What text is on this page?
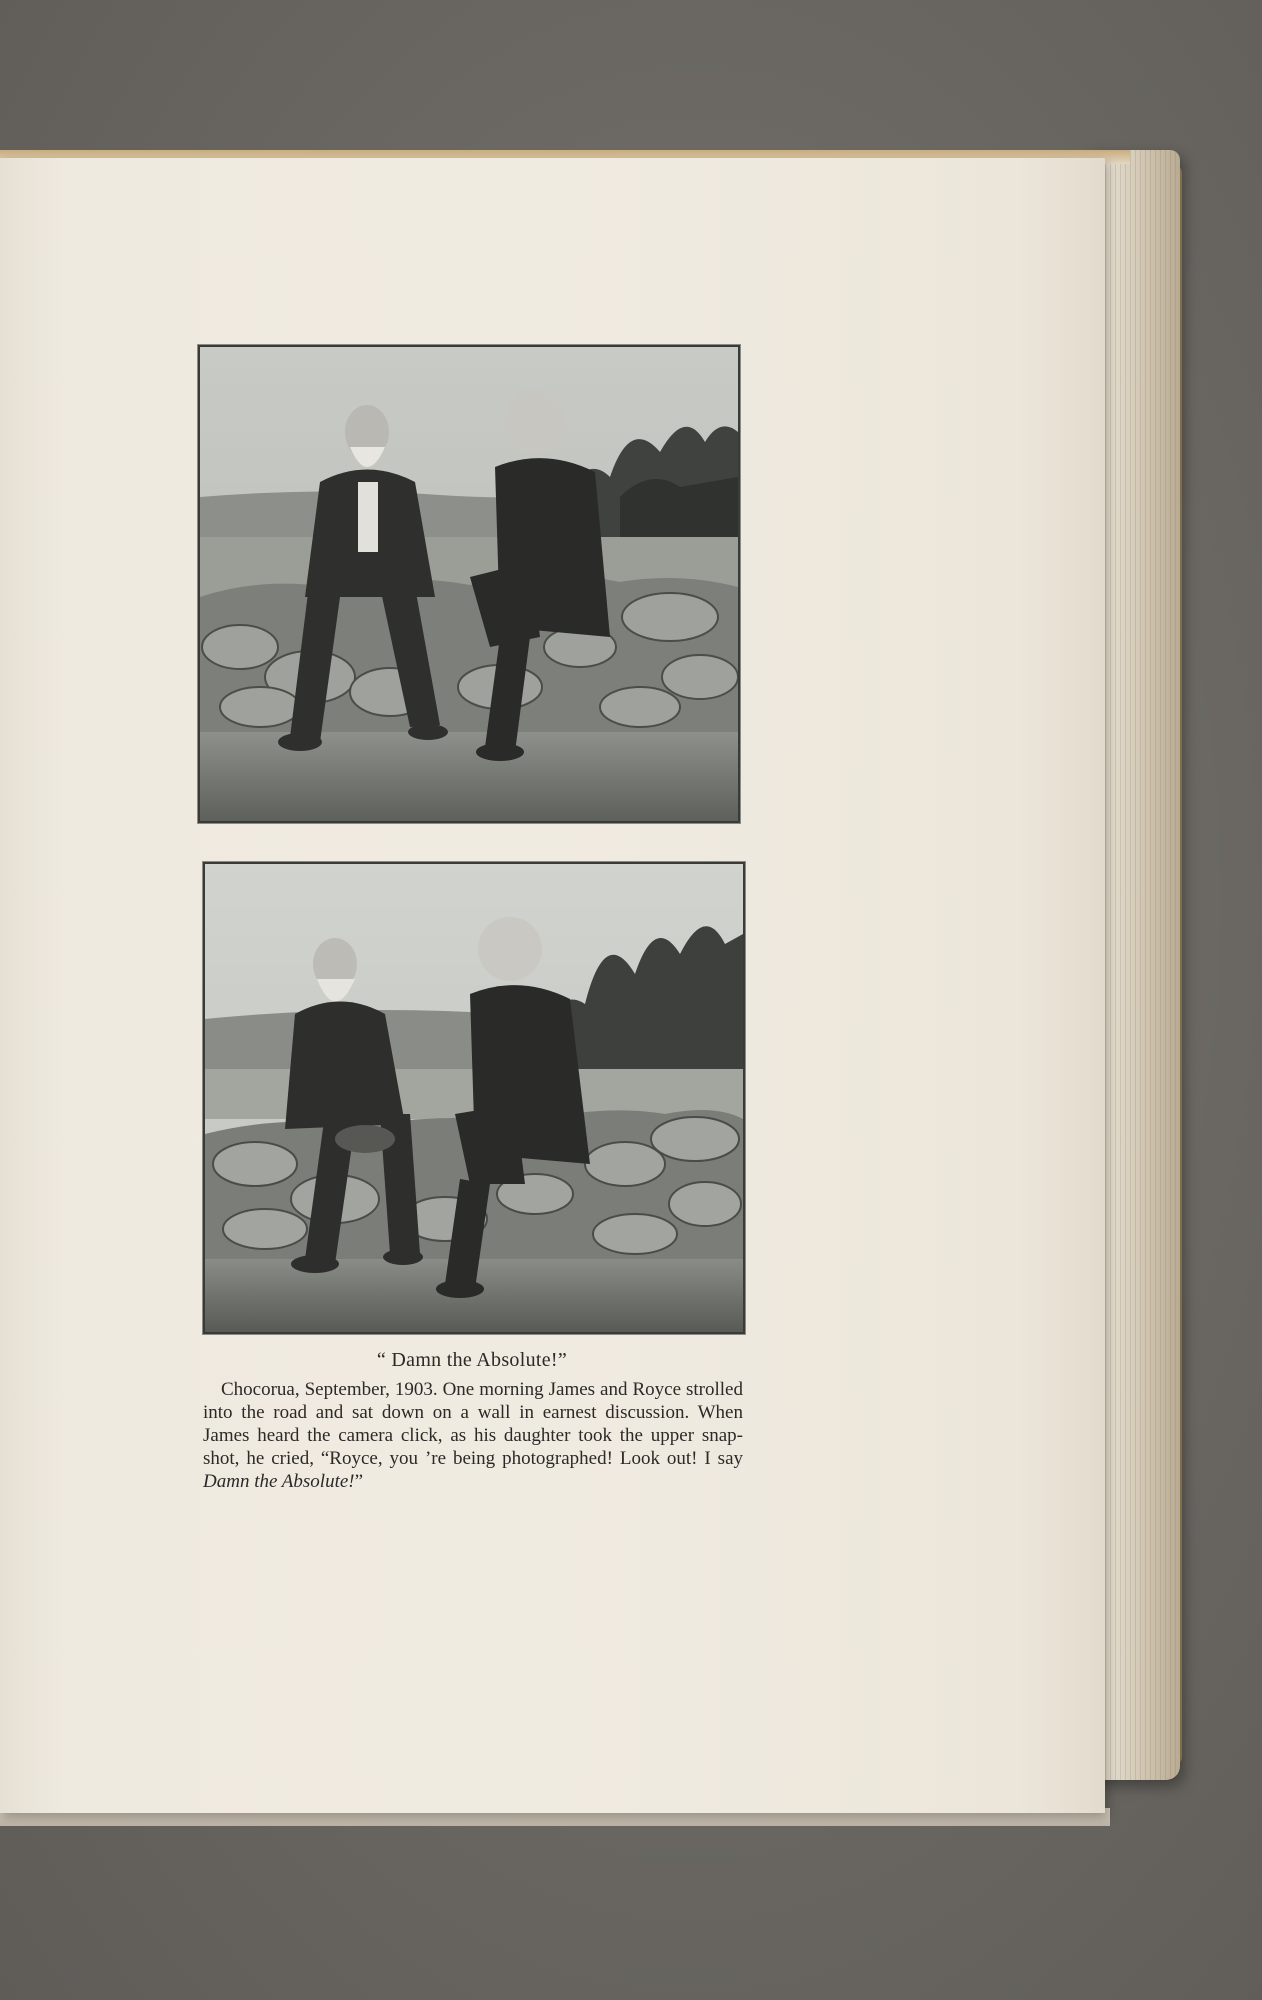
“ Damn the Absolute!”

Chocorua, September, 1903. One morning James and Royce strolled into the road and sat down on a wall in earnest discussion. When James heard the camera click, as his daughter took the upper snap-shot, he cried, “Royce, you ’re being photographed! Look out! I say Damn the Absolute!”
